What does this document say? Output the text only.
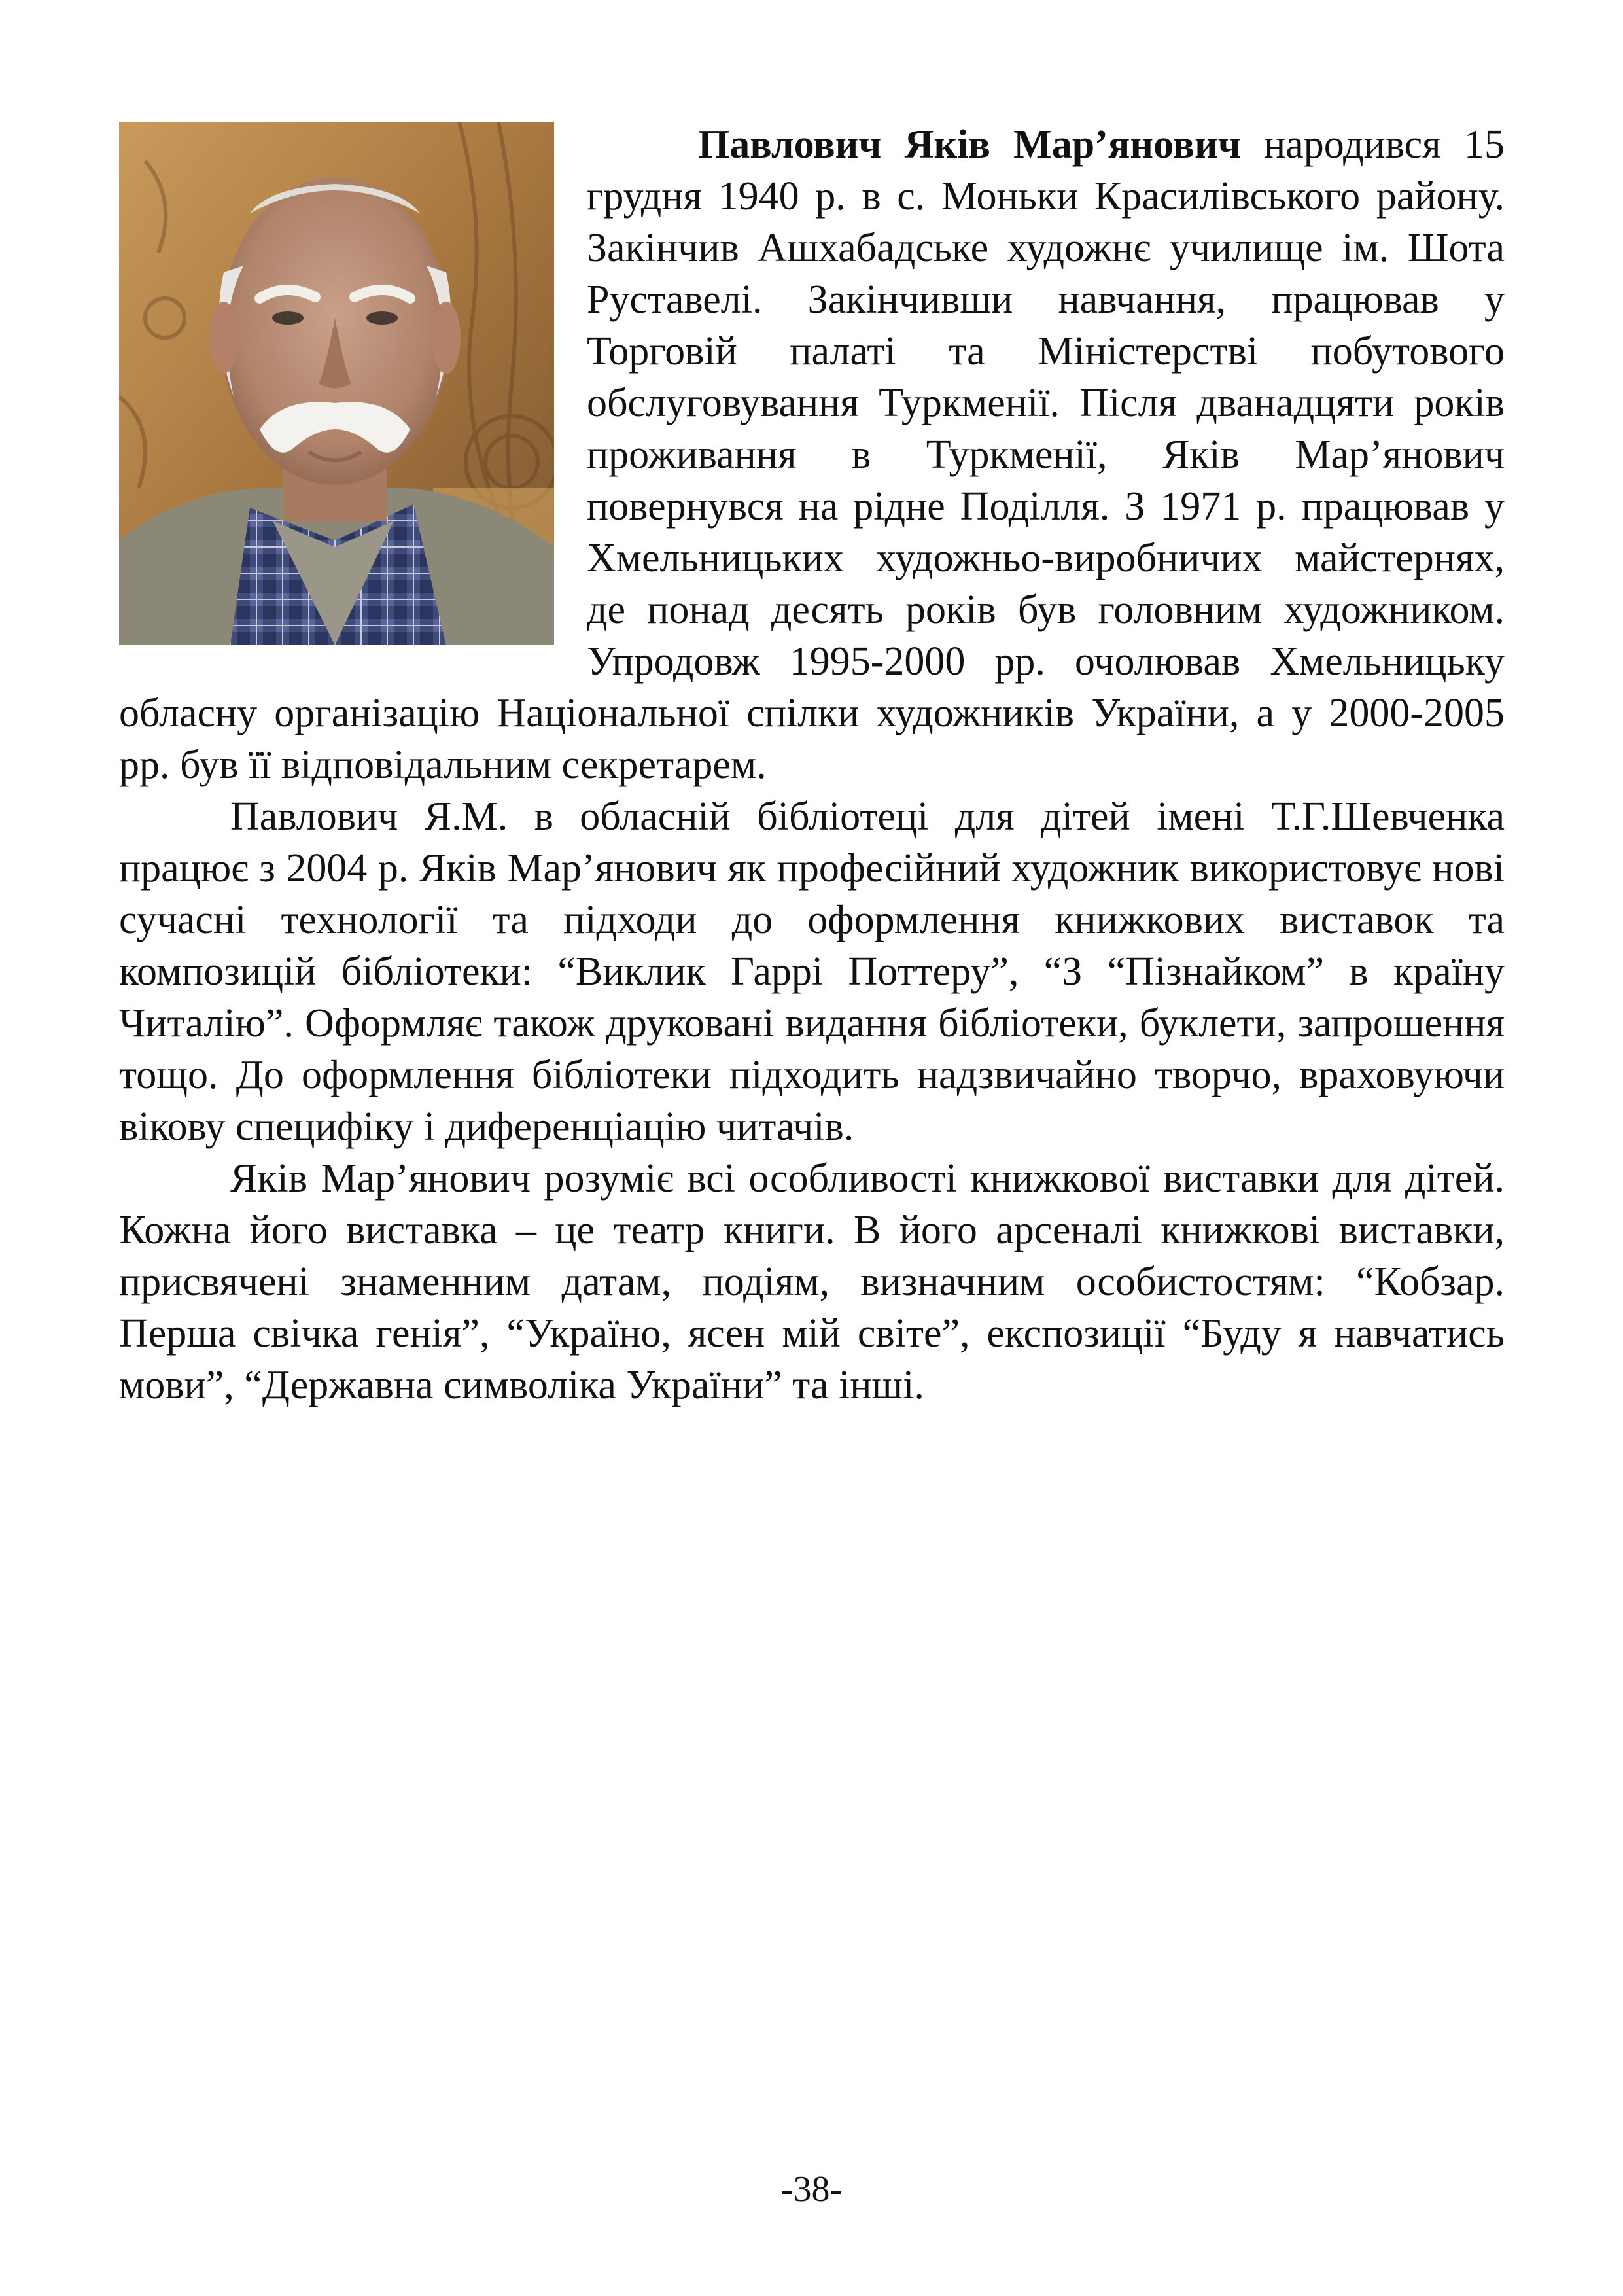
Павлович Яків Мар’янович народився 15 грудня 1940 р. в с. Моньки Красилівського району. Закінчив Ашхабадське художнє училище ім. Шота Руставелі. Закінчивши навчання, працював у Торговій палаті та Міністерстві побутового обслуговування Туркменії. Після дванадцяти років проживання в Туркменії, Яків Мар’янович повернувся на рідне Поділля. З 1971 р. працював у Хмельницьких художньо-виробничих майстернях, де понад десять років був головним художником. Упродовж 1995-2000 рр. очолював Хмельницьку обласну організацію Національної спілки художників України, а у 2000-2005 рр. був її відповідальним секретарем.

Павлович Я.М. в обласній бібліотеці для дітей імені Т.Г.Шевченка працює з 2004 р. Яків Мар’янович як професійний художник використовує нові сучасні технології та підходи до оформлення книжкових виставок та композицій бібліотеки: “Виклик Гаррі Поттеру”, “З “Пізнайком” в країну Читалію”. Оформляє також друковані видання бібліотеки, буклети, запрошення тощо. До оформлення бібліотеки підходить надзвичайно творчо, враховуючи вікову специфіку і диференціацію читачів.

Яків Мар’янович розуміє всі особливості книжкової виставки для дітей. Кожна його виставка – це театр книги. В його арсеналі книжкові виставки, присвячені знаменним датам, подіям, визначним особистостям: “Кобзар. Перша свічка генія”, “Україно, ясен мій світе”, експозиції “Буду я навчатись мови”, “Державна символіка України” та інші.

-38-
